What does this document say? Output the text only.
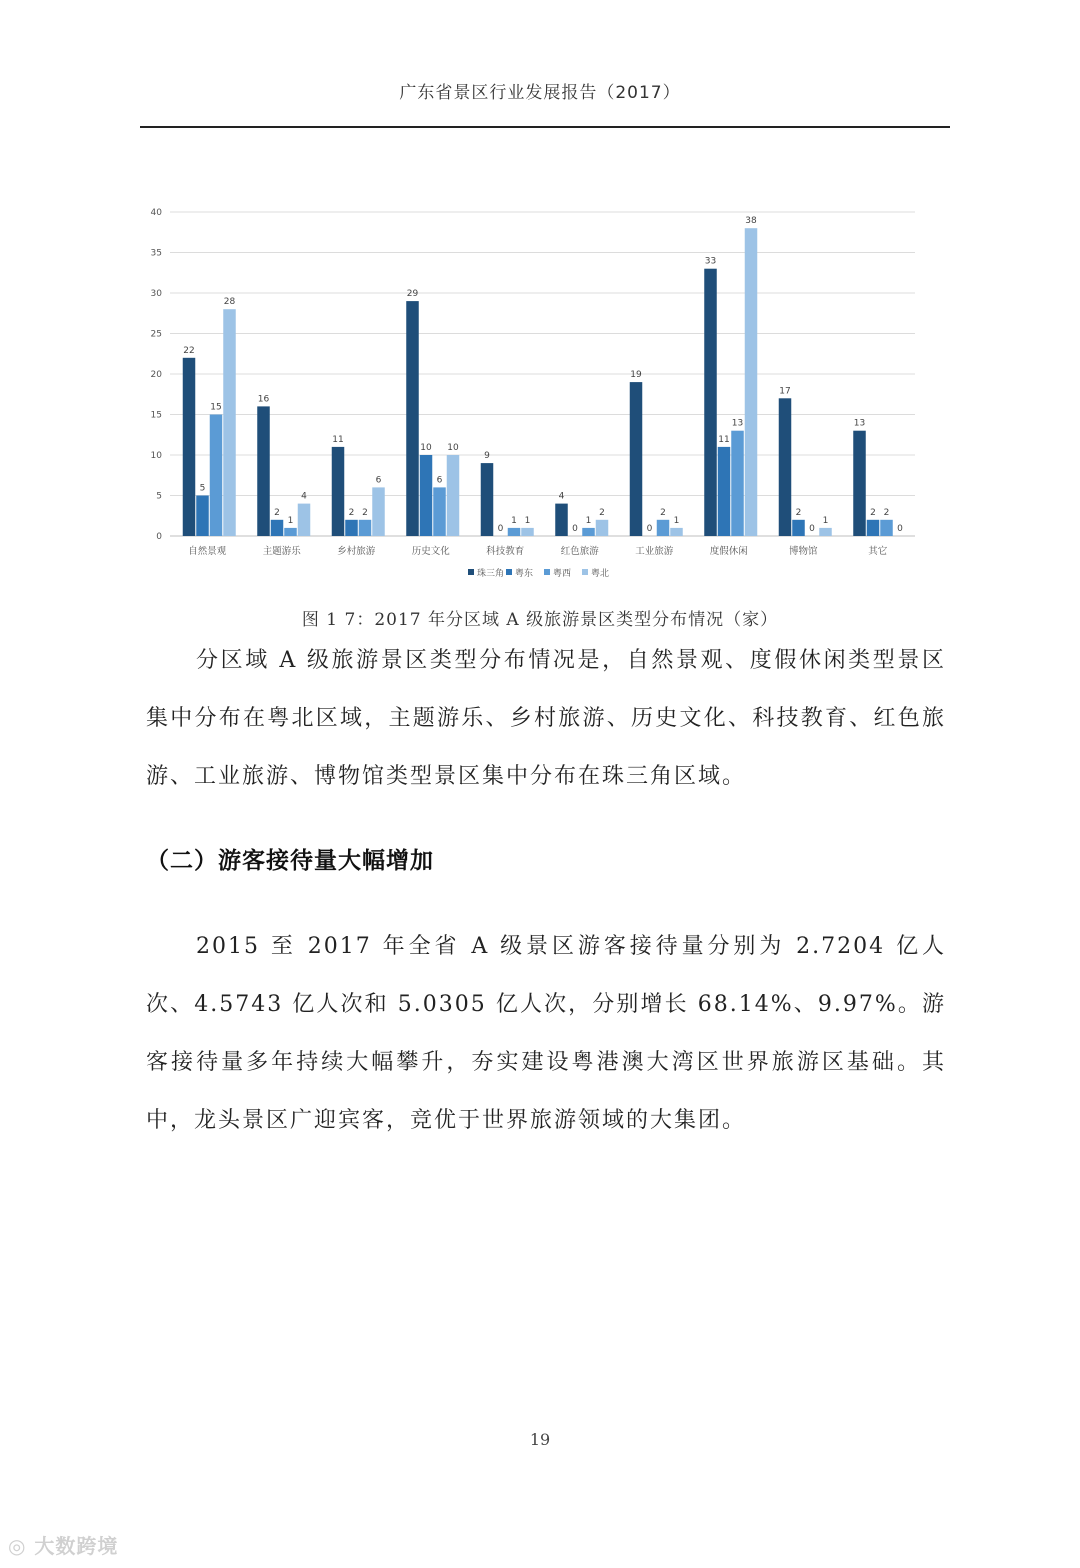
广东省景区行业发展报告（2017）
0
5
10
15
20
25
30
35
40
22
5
15
28
自然景观
16
2
1
4
主题游乐
11
2 2
6
乡村旅游
29
10
6
10
历史文化
9
0
1 1
科技教育
4
0
1
2
红色旅游
19
0
2
1
工业旅游
33
11
13
38
度假休闲
17
2
0
1
博物馆
13
2 2
0
其它
珠三角 粤东 粤西 粤北
图 1 7：2017 年分区域 A 级旅游景区类型分布情况（家）

分区域 A 级旅游景区类型分布情况是，自然景观、度假休闲类型景区集中分布在粤北区域，主题游乐、乡村旅游、历史文化、科技教育、红色旅游、工业旅游、博物馆类型景区集中分布在珠三角区域。

（二）游客接待量大幅增加

2015 至 2017 年全省 A 级景区游客接待量分别为 2.7204 亿人次、4.5743 亿人次和 5.0305 亿人次，分别增长 68.14%、9.97%。游客接待量多年持续大幅攀升，夯实建设粤港澳大湾区世界旅游区基础。其中，龙头景区广迎宾客，竞优于世界旅游领域的大集团。

19
◎ 大数跨境
